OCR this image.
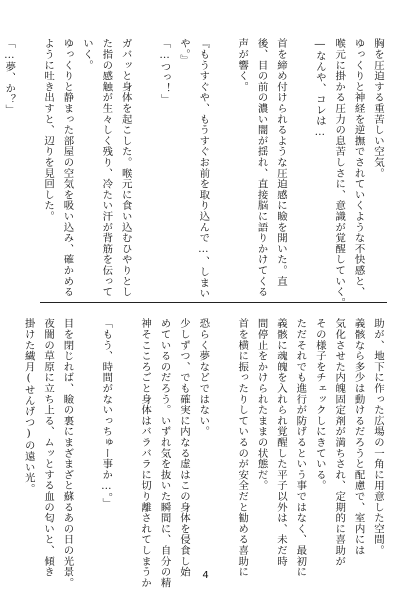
胸を圧迫する重苦しい空気。

ゆっくりと神経を逆撫でされていくような不快感と、

喉元に掛かる圧力の息苦しさに、意識が覚醒していく。

―なんや、コレは…

首を締め付けられるような圧迫感に瞼を開いた。直

後、目の前の濃い闇が揺れ、直接脳に語りかけてくる

声が響く。

『もうすぐや、もうすぐお前を取り込んで…、しまい

や。』

「…つっ！」

ガバッと身体を起こした。喉元に食い込むひやりとし

た指の感触が生々しく残り、冷たい汗が背筋を伝って

いく。

ゆっくりと静まった部屋の空気を吸い込み、確かめる

ように吐き出すと、辺りを見回した。

「…夢、か？」

助が、地下に作った広場の一角に用意した空間。

義骸なら多少は動けるだろうと配慮で、室内には

気化させた内魄固定剤が満ちされ、定期的に喜助が

その様子をチェックしにきている。

ただそれでも進行が防げるという事ではなく、最初に

義骸に魂魄を入れられ覚醒した平子以外は、未だ時

間停止をかけられたままの状態だ。

首を横に振ったりしているのが安全だと勧める喜助に

恐らく夢などではない。

少しずつ、でも確実に内なる虚はこの身体を侵食し始

めているのだろう。いずれ気を抜いた瞬間に、自分の精

神そこころごと身体はバラバラに切り離されてしまうか

「もう、時間がないっちゅー事か…。」

目を閉じれば、瞼の裏にまざまざと蘇るあの日の光景。

夜闇の草原に立ち上る、ムッとする血の匂いと、傾き

掛けた繊月(せんげつ)の遠い光。

4
